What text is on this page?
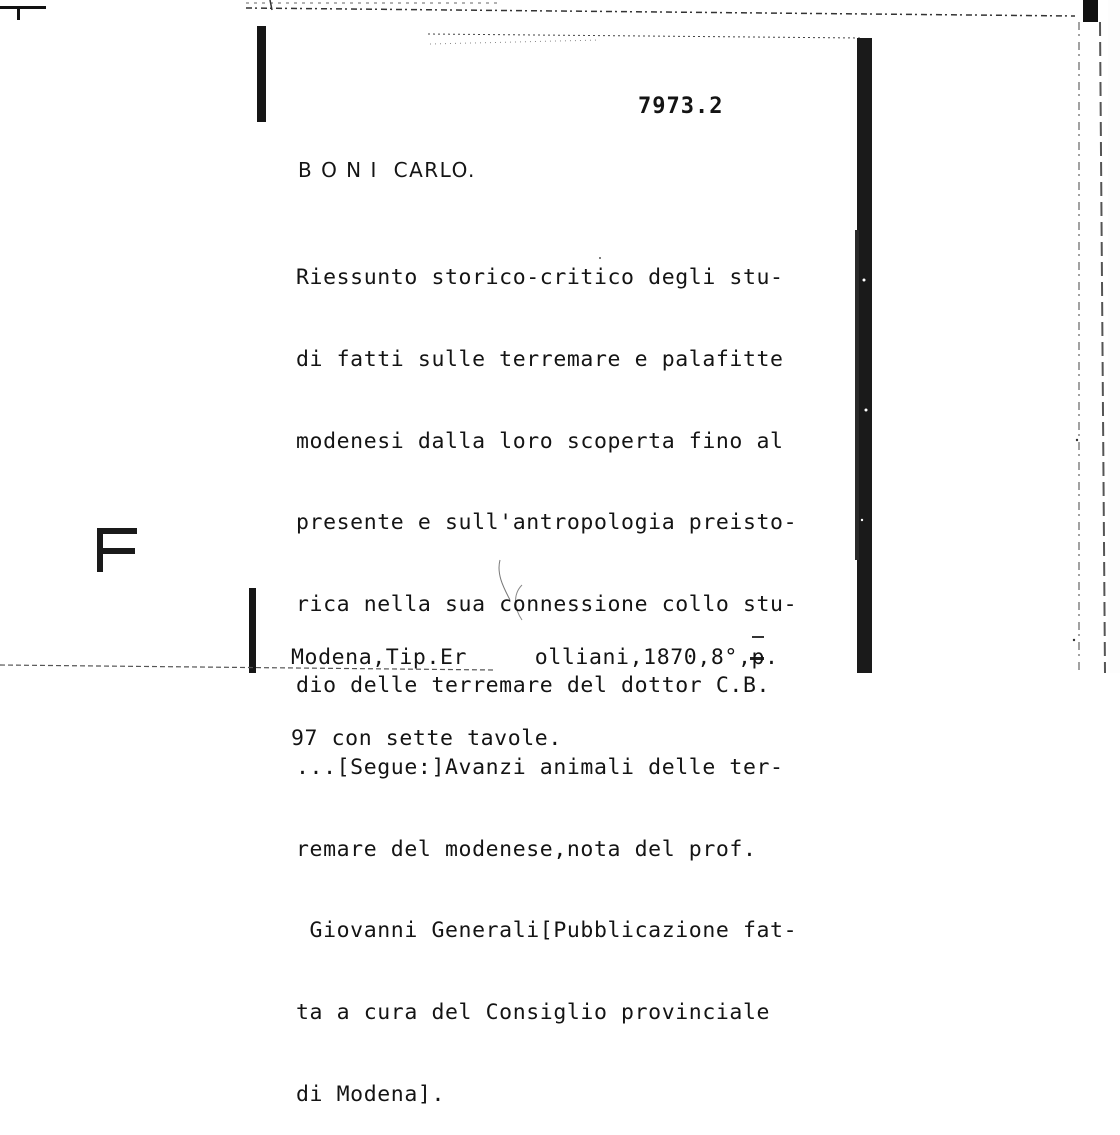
7973.2
B O N I  CARLO.

Riessunto storico-critico degli stu-

di fatti sulle terremare e palafitte

modenesi dalla loro scoperta fino al

presente e sull'antropologia preisto-

rica nella sua connessione collo stu-

dio delle terremare del dottor C.B.

...[Segue:]Avanzi animali delle ter-

remare del modenese,nota del prof.

Giovanni Generali[Pubblicazione fat-

ta a cura del Consiglio provinciale

di Modena].

Modena,Tip.Er     olliani,1870,8°,p.

97 con sette tavole.
